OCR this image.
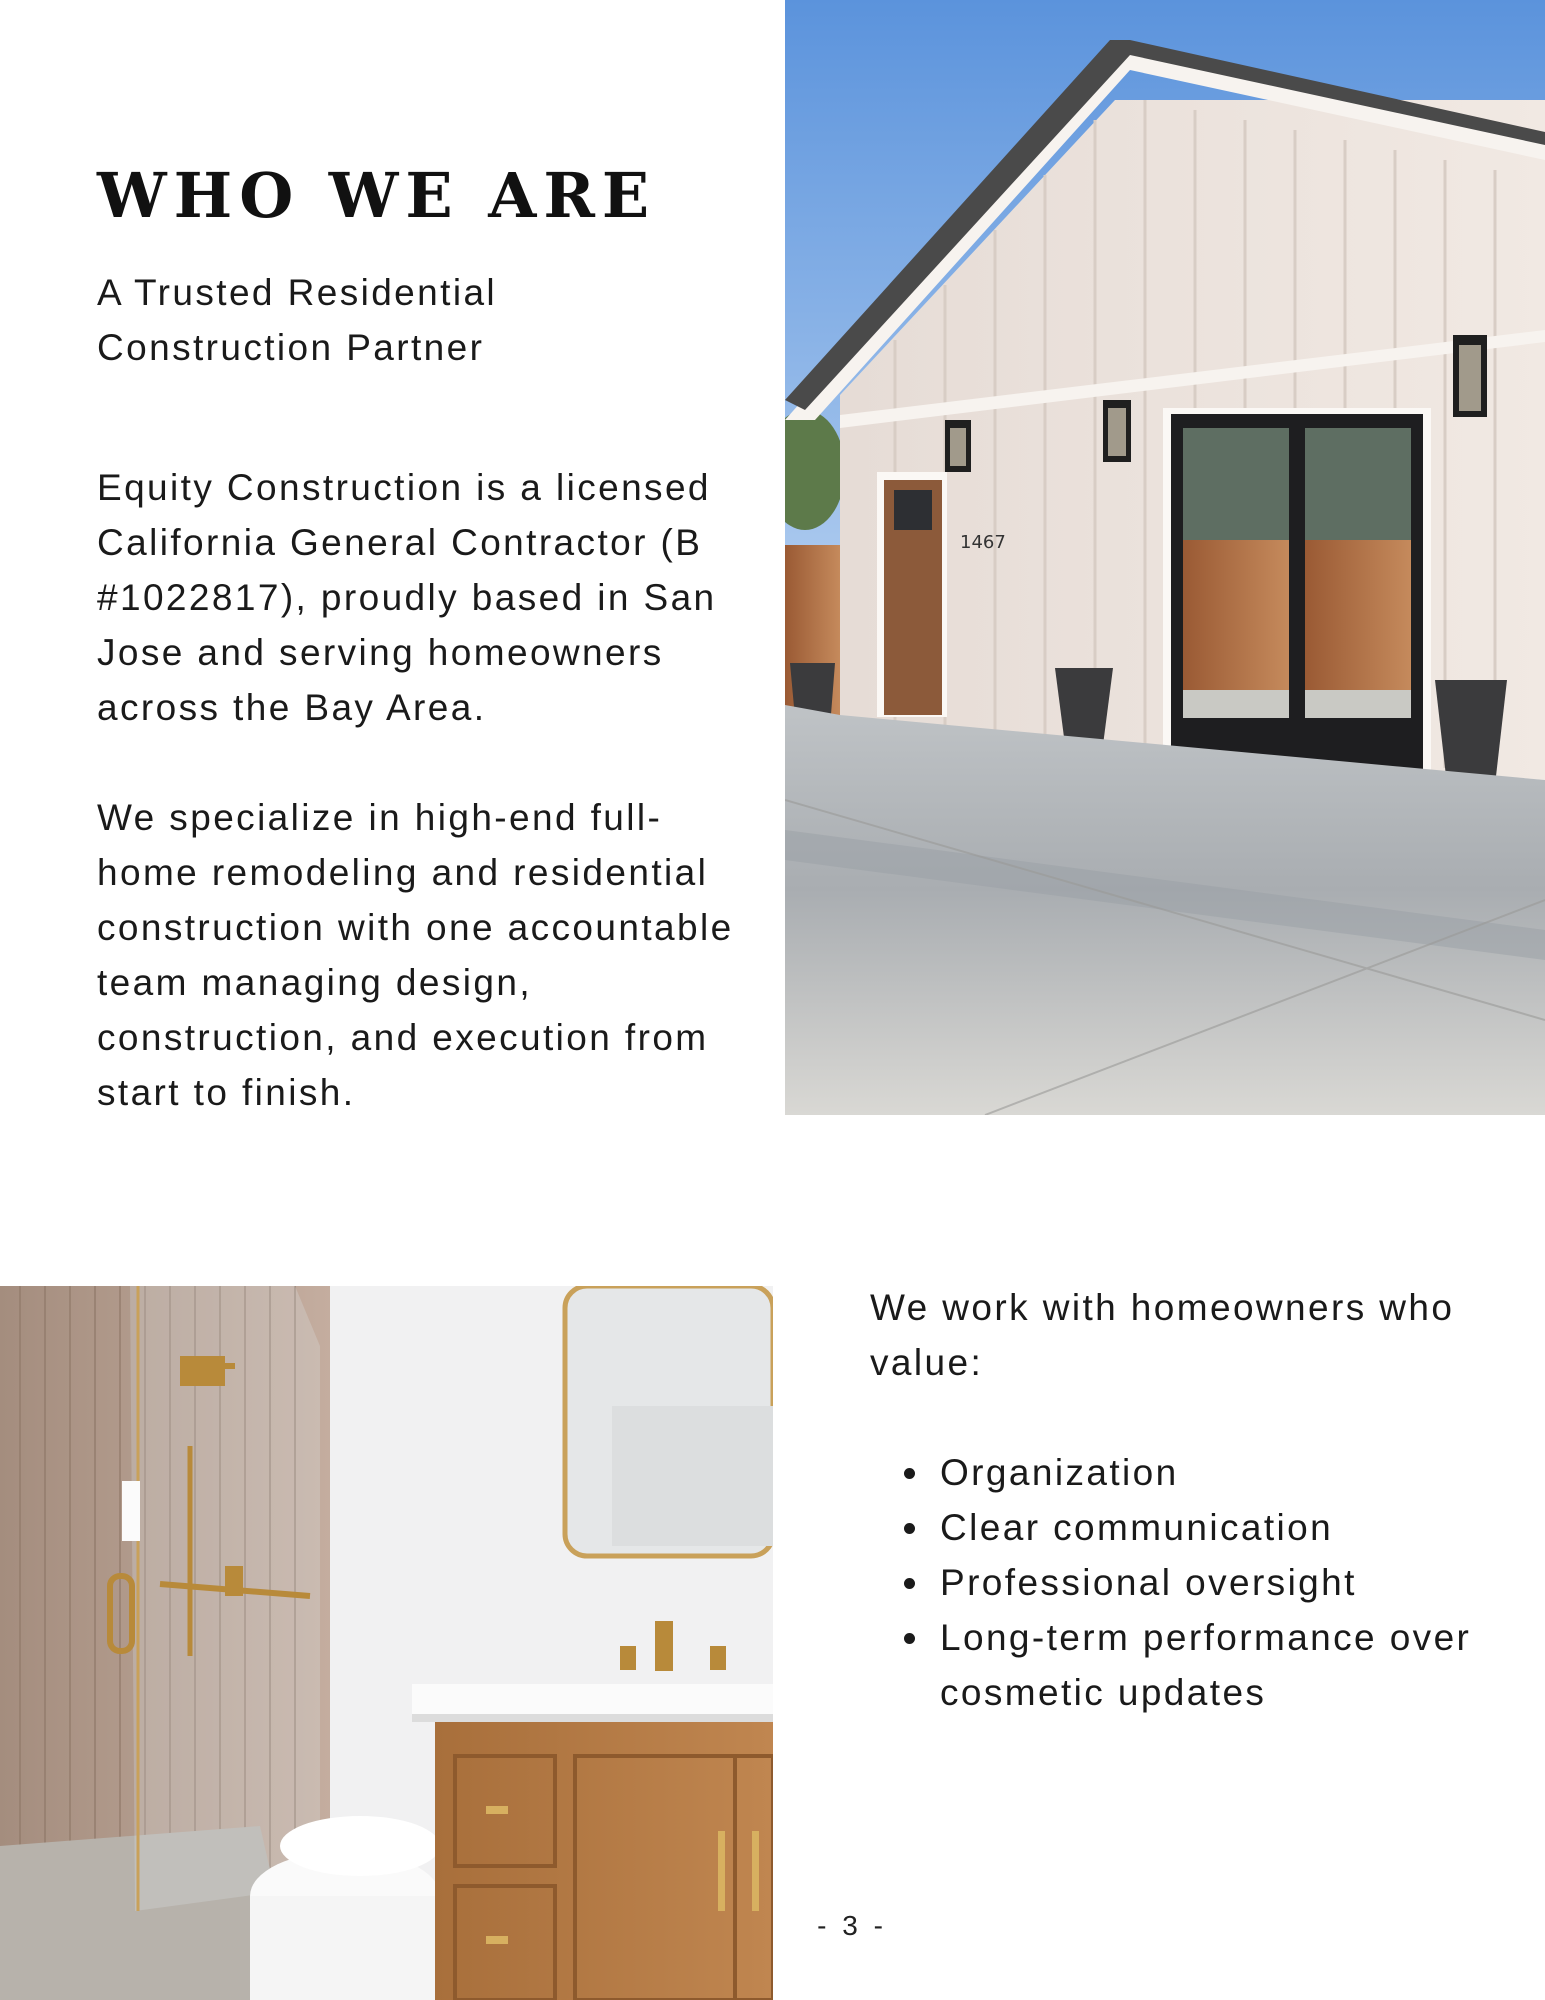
WHO WE ARE

A Trusted Residential Construction Partner

Equity Construction is a licensed California General Contractor (B #1022817), proudly based in San Jose and serving homeowners across the Bay Area.

We specialize in high-end full-home remodeling and residential construction with one accountable team managing design, construction, and execution from start to finish.

1467

We work with homeowners who value:

Organization
Clear communication
Professional oversight
Long-term performance over cosmetic updates
- 3 -
